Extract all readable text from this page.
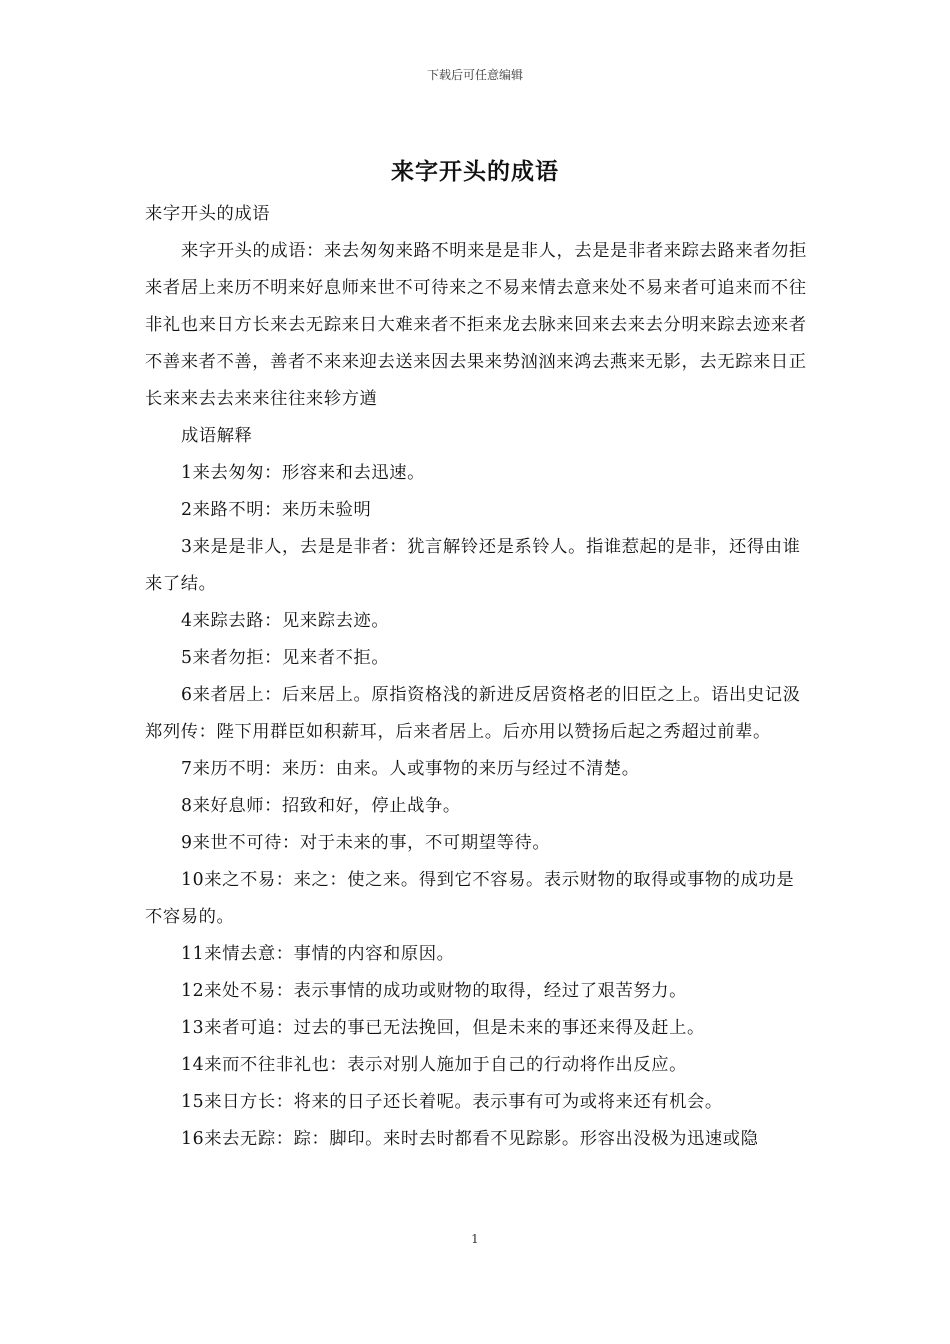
下载后可任意编辑
来字开头的成语

来字开头的成语

来字开头的成语：来去匆匆来路不明来是是非人，去是是非者来踪去路来者勿拒来者居上来历不明来好息师来世不可待来之不易来情去意来处不易来者可追来而不往非礼也来日方长来去无踪来日大难来者不拒来龙去脉来回来去来去分明来踪去迹来者不善来者不善，善者不来来迎去送来因去果来势汹汹来鸿去燕来无影，去无踪来日正长来来去去来来往往来轸方遒

成语解释

1来去匆匆：形容来和去迅速。

2来路不明：来历未验明

3来是是非人，去是是非者：犹言解铃还是系铃人。指谁惹起的是非，还得由谁来了结。

4来踪去路：见来踪去迹。

5来者勿拒：见来者不拒。

6来者居上：后来居上。原指资格浅的新进反居资格老的旧臣之上。语出史记汲郑列传：陛下用群臣如积薪耳，后来者居上。后亦用以赞扬后起之秀超过前辈。

7来历不明：来历：由来。人或事物的来历与经过不清楚。

8来好息师：招致和好，停止战争。

9来世不可待：对于未来的事，不可期望等待。

10来之不易：来之：使之来。得到它不容易。表示财物的取得或事物的成功是不容易的。

11来情去意：事情的内容和原因。

12来处不易：表示事情的成功或财物的取得，经过了艰苦努力。

13来者可追：过去的事已无法挽回，但是未来的事还来得及赶上。

14来而不往非礼也：表示对别人施加于自己的行动将作出反应。

15来日方长：将来的日子还长着呢。表示事有可为或将来还有机会。

16来去无踪：踪：脚印。来时去时都看不见踪影。形容出没极为迅速或隐

1
